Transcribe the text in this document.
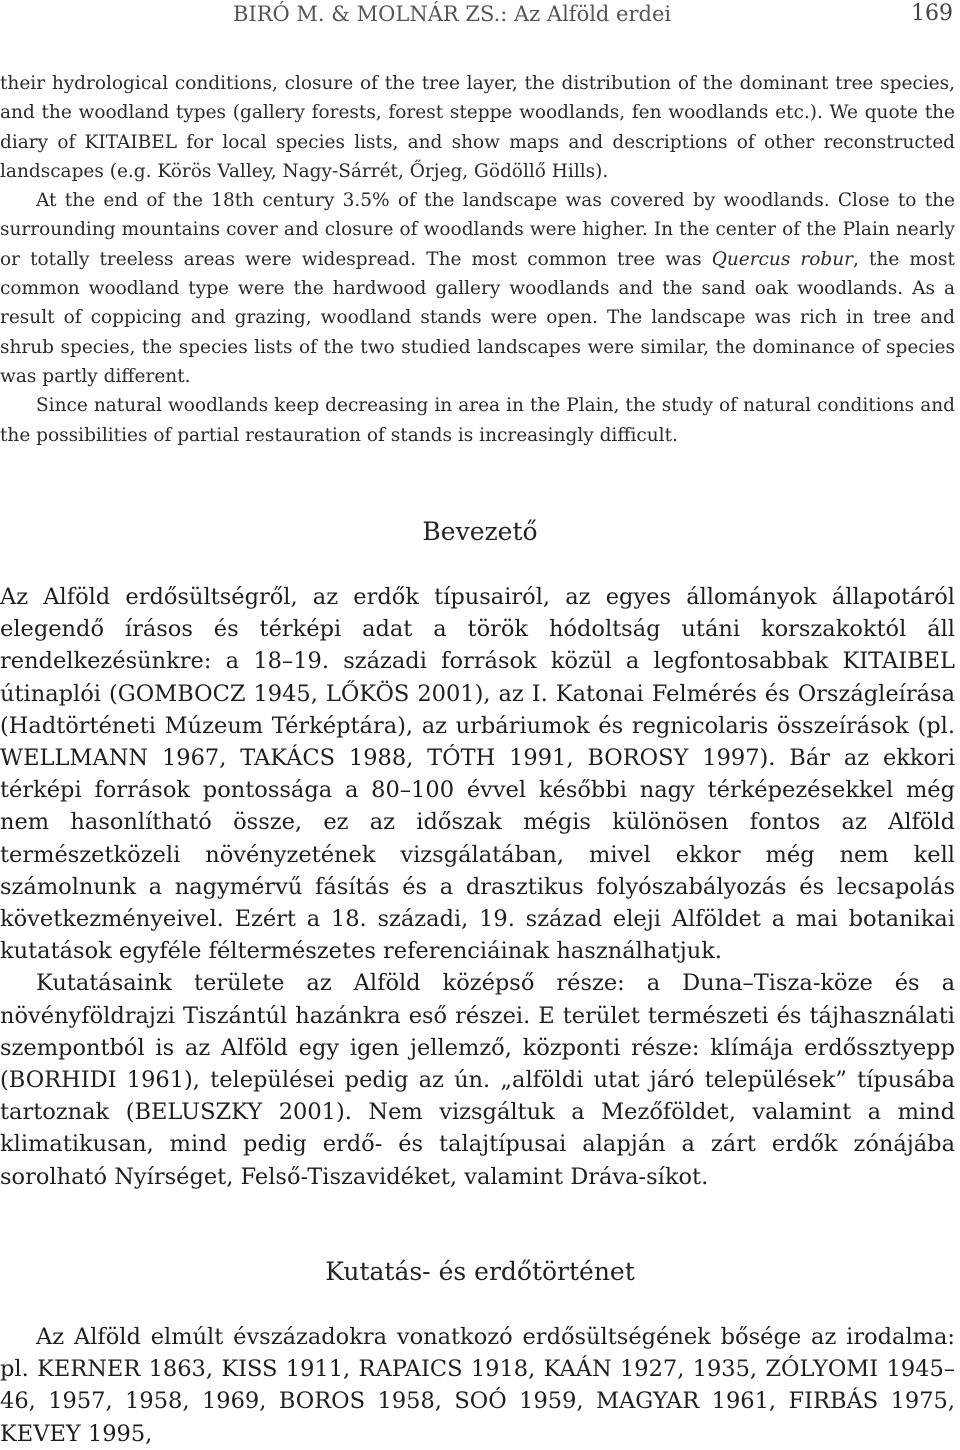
BIRÓ M. & MOLNÁR ZS.: Az Alföld erdei	169

their hydrological conditions, closure of the tree layer, the distribution of the dominant tree species, and the woodland types (gallery forests, forest steppe woodlands, fen woodlands etc.). We quote the diary of KITAIBEL for local species lists, and show maps and descriptions of other reconstructed landscapes (e.g. Körös Valley, Nagy-Sárrét, Őrjeg, Gödöllő Hills).

At the end of the 18th century 3.5% of the landscape was covered by woodlands. Close to the surrounding mountains cover and closure of woodlands were higher. In the center of the Plain nearly or totally treeless areas were widespread. The most common tree was Quercus robur, the most common woodland type were the hardwood gallery woodlands and the sand oak woodlands. As a result of coppicing and grazing, woodland stands were open. The landscape was rich in tree and shrub species, the species lists of the two studied landscapes were similar, the dominance of species was partly different.

Since natural woodlands keep decreasing in area in the Plain, the study of natural conditions and the possibilities of partial restauration of stands is increasingly difficult.

Bevezető

Az Alföld erdősültségről, az erdők típusairól, az egyes állományok állapotáról elegendő írásos és térképi adat a török hódoltság utáni korszakoktól áll rendelkezésünkre: a 18–19. századi források közül a legfontosabbak KITAIBEL útinaplói (GOMBOCZ 1945, LŐKÖS 2001), az I. Katonai Felmérés és Országleírása (Hadtörténeti Múzeum Térképtára), az urbáriumok és regnicolaris összeírások (pl. WELLMANN 1967, TAKÁCS 1988, TÓTH 1991, BOROSY 1997). Bár az ekkori térképi források pontossága a 80–100 évvel későbbi nagy térképezésekkel még nem hasonlítható össze, ez az időszak mégis különösen fontos az Alföld természetközeli növényzetének vizsgálatában, mivel ekkor még nem kell számolnunk a nagymérvű fásítás és a drasztikus folyószabályozás és lecsapolás következményeivel. Ezért a 18. századi, 19. század eleji Alföldet a mai botanikai kutatások egyféle féltermészetes referenciáinak használhatjuk.

Kutatásaink területe az Alföld középső része: a Duna–Tisza-köze és a növényföldrajzi Tiszántúl hazánkra eső részei. E terület természeti és tájhasználati szempontból is az Alföld egy igen jellemző, központi része: klímája erdőssztyepp (BORHIDI 1961), települései pedig az ún. „alföldi utat járó települések” típusába tartoznak (BELUSZKY 2001). Nem vizsgáltuk a Mezőföldet, valamint a mind klimatikusan, mind pedig erdő- és talajtípusai alapján a zárt erdők zónájába sorolható Nyírséget, Felső-Tiszavidéket, valamint Dráva-síkot.

Kutatás- és erdőtörténet

Az Alföld elmúlt évszázadokra vonatkozó erdősültségének bősége az irodalma: pl. KERNER 1863, KISS 1911, RAPAICS 1918, KAÁN 1927, 1935, ZÓLYOMI 1945–46, 1957, 1958, 1969, BOROS 1958, SOÓ 1959, MAGYAR 1961, FIRBÁS 1975, KEVEY 1995,
